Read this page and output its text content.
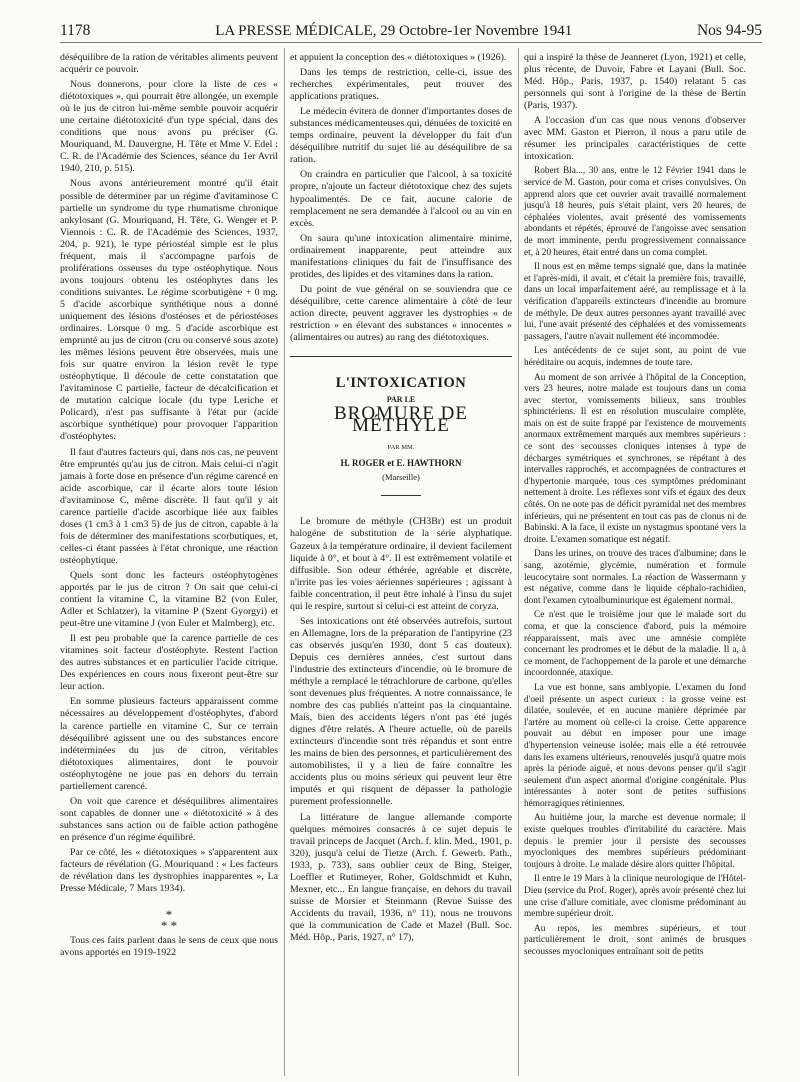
1178	LA PRESSE MÉDICALE, 29 Octobre-1er Novembre 1941	Nos 94-95

déséquilibre de la ration de véritables aliments peuvent acquérir ce pouvoir.

Nous donnerons, pour clore la liste de ces « diétotoxiques », qui pourrait être allongée, un exemple où le jus de citron lui-même semble pouvoir acquérir une certaine diétotoxicité d'un type spécial, dans des conditions que nous avons pu préciser (G. Mouriquand, M. Dauvergne, H. Tête et Mme V. Edel : C. R. de l'Académie des Sciences, séance du 1er Avril 1940, 210, p. 515).

Nous avons antérieurement montré qu'il était possible de déterminer par un régime d'avitaminose C partielle un syndrome du type rhumatisme chronique ankylosant (G. Mouriquand, H. Tête, G. Wenger et P. Viennois : C. R. de l'Académie des Sciences, 1937, 204, p. 921), le type périostéal simple est le plus fréquent, mais il s'accompagne parfois de proliférations osseuses du type ostéophytique. Nous avons toujours obtenu les ostéophytes dans les conditions suivantes. Le régime scorbutigène + 0 mg. 5 d'acide ascorbique synthétique nous a donné uniquement des lésions d'ostéoses et de périostéoses ordinaires. Lorsque 0 mg. 5 d'acide ascorbique est emprunté au jus de citron (cru ou conservé sous azote) les mêmes lésions peuvent être observées, mais une fois sur quatre environ la lésion revêt le type ostéophytique. Il découle de cette constatation que l'avitaminose C partielle, facteur de décalcification et de mutation calcique locale (du type Leriche et Policard), n'est pas suffisante à l'état pur (acide ascorbique synthétique) pour provoquer l'apparition d'ostéophytes.

Il faut d'autres facteurs qui, dans nos cas, ne peuvent être empruntés qu'au jus de citron. Mais celui-ci n'agit jamais à forte dose en présence d'un régime carencé en acide ascorbique, car il écarte alors toute lésion d'avitaminose C, même discrète. Il faut qu'il y ait carence partielle d'acide ascorbique liée aux faibles doses (1 cm3 à 1 cm3 5) de jus de citron, capable à la fois de déterminer des manifestations scorbutiques, et, celles-ci étant passées à l'état chronique, une réaction ostéophytique.

Quels sont donc les facteurs ostéophytogènes apportés par le jus de citron ? On sait que celui-ci contient la vitamine C, la vitamine B2 (von Euler, Adler et Schlatzer), la vitamine P (Szent Gyorgyi) et peut-être une vitamine J (von Euler et Malmberg), etc.

Il est peu probable que la carence partielle de ces vitamines soit facteur d'ostéophyte. Restent l'action des autres substances et en particulier l'acide citrique. Des expériences en cours nous fixeront peut-être sur leur action.

En somme plusieurs facteurs apparaissent comme nécessaires au développement d'ostéophytes, d'abord la carence partielle en vitamine C. Sur ce terrain déséquilibré agissent une ou des substances encore indéterminées du jus de citron, véritables diétotoxiques alimentaires, dont le pouvoir ostéophytogène ne joue pas en dehors du terrain partiellement carencé.

On voit que carence et déséquilibres alimentaires sont capables de donner une « diétotoxicité » à des substances sans action ou de faible action pathogène en présence d'un régime équilibré.

Par ce côté, les « diétotoxiques » s'apparentent aux facteurs de révélation (G. Mouriquand : « Les facteurs de révélation dans les dystrophies inapparentes », La Presse Médicale, 7 Mars 1934).

*
* *

Tous ces faits parlent dans le sens de ceux que nous avons apportés en 1919-1922

et appuient la conception des « diétotoxiques » (1926).

Dans les temps de restriction, celle-ci, issue des recherches expérimentales, peut trouver des applications pratiques.

Le médecin évitera de donner d'importantes doses de substances médicamenteuses qui, dénuées de toxicité en temps ordinaire, peuvent la développer du fait d'un déséquilibre nutritif du sujet lié au déséquilibre de sa ration.

On craindra en particulier que l'alcool, à sa toxicité propre, n'ajoute un facteur diétotoxique chez des sujets hypoalimentés. De ce fait, aucune calorie de remplacement ne sera demandée à l'alcool ou au vin en excès.

On saura qu'une intoxication alimentaire minime, ordinairement inapparente, peut atteindre aux manifestations cliniques du fait de l'insuffisance des protides, des lipides et des vitamines dans la ration.

Du point de vue général on se souviendra que ce déséquilibre, cette carence alimentaire à côté de leur action directe, peuvent aggraver les dystrophies « de restriction » en élevant des substances « innocentes » (alimentaires ou autres) au rang des diétotoxiques.

L'INTOXICATION
PAR LE
BROMURE DE MÉTHYLE
PAR MM.
H. ROGER et E. HAWTHORN
(Marseille)

Le bromure de méthyle (CH3Br) est un produit halogéne de substitution de la série alyphatique. Gazeux à la température ordinaire, il devient facilement liquide à 0°, et bout à 4°. Il est extrêmement volatile et diffusible. Son odeur éthérée, agréable et discrète, n'irrite pas les voies aériennes supérieures ; agissant à faible concentration, il peut être inhalé à l'insu du sujet qui le respire, surtout si celui-ci est atteint de coryza.

Ses intoxications ont été observées autrefois, surtout en Allemagne, lors de la préparation de l'antipyrine (23 cas observés jusqu'en 1930, dont 5 cas douteux). Depuis ces dernières années, c'est surtout dans l'industrie des extincteurs d'incendie, où le bromure de méthyle a remplacé le tétrachlorure de carbone, qu'elles sont devenues plus fréquentes. A notre connaissance, le nombre des cas publiés n'atteint pas la cinquantaine. Mais, bien des accidents légers n'ont pas été jugés dignes d'être relatés. A l'heure actuelle, où de pareils extincteurs d'incendie sont très répandus et sont entre les mains de bien des personnes, et particulièrement des automobilistes, il y a lieu de faire connaître les accidents plus ou moins sérieux qui peuvent leur être imputés et qui risquent de dépasser la pathologie purement professionnelle.

La littérature de langue allemande comporte quelques mémoires consacrés à ce sujet depuis le travail princeps de Jacquet (Arch. f. klin. Med., 1901, p. 320), jusqu'à celui de Tietze (Arch. f. Gewerb. Path., 1933, p. 733), sans oublier ceux de Bing, Steiger, Loeffler et Rutimeyer, Roher, Goldschmidt et Kuhn, Mexner, etc... En langue française, en dehors du travail suisse de Morsier et Steinmann (Revue Suisse des Accidents du travail, 1936, n° 11), nous ne trouvons que la communication de Cade et Mazel (Bull. Soc. Méd. Hôp., Paris, 1927, n° 17),

qui a inspiré la thèse de Jeanneret (Lyon, 1921) et celle, plus récente, de Duvoir, Fabre et Layani (Bull. Soc. Méd. Hôp., Paris, 1937, p. 1540) relatant 5 cas personnels qui sont à l'origine de la thèse de Bertin (Paris, 1937).

A l'occasion d'un cas que nous venons d'observer avec MM. Gaston et Pierron, il nous a paru utile de résumer les principales caractéristiques de cette intoxication.

Robert Bla..., 30 ans, entre le 12 Février 1941 dans le service de M. Gaston, pour coma et crises convulsives. On apprend alors que cet ouvrier avait travaillé normalement jusqu'à 18 heures, puis s'était plaint, vers 20 heures, de céphalées violentes, avait présenté des vomissements abondants et répétés, éprouvé de l'angoisse avec sensation de mort imminente, perdu progressivement connaissance et, à 20 heures, était entré dans un coma complet.

Il nous est en même temps signalé que, dans la matinée et l'après-midi, il avait, et c'était la première fois, travaillé, dans un local imparfaitement aéré, au remplissage et à la vérification d'appareils extincteurs d'incendie au bromure de méthyle. De deux autres personnes ayant travaillé avec lui, l'une avait présenté des céphalées et des vomissements passagers, l'autre n'avait nullement été incommodée.

Les antécédents de ce sujet sont, au point de vue héréditaire ou acquis, indemnes de toute tare.

Au moment de son arrivée à l'hôpital de la Conception, vers 23 heures, notre malade est toujours dans un coma avec stertor, vomissements bilieux, sans troubles sphinctériens. Il est en résolution musculaire complète, mais on est de suite frappé par l'existence de mouvements anormaux extrêmement marqués aux membres supérieurs : ce sont des secousses cloniques intenses à type de décharges symétriques et synchrones, se répétant à des intervalles rapprochés, et accompagnées de contractures et d'hypertonie marquée, tous ces symptômes prédominant nettement à droite. Les réflexes sont vifs et égaux des deux côtés. On ne note pas de déficit pyramidal net des membres inférieurs, qui ne présentent en tout cas pas de clonus ni de Babinski. A la face, il existe un nystagmus spontané vers la droite. L'examen somatique est négatif.

Dans les urines, on trouve des traces d'albumine; dans le sang, azotémie, glycémie, numération et formule leucocytaire sont normales. La réaction de Wassermann y est négative, comme dans le liquide céphalo-rachidien, dont l'examen cytoalbuminurique est également normal.

Ce n'est que le troisième jour que le malade sort du coma, et que la conscience d'abord, puis la mémoire réapparaissent, mais avec une amnésie complète concernant les prodromes et le début de la maladie. Il a, à ce moment, de l'achoppement de la parole et une démarche incoordonnée, ataxique.

La vue est bonne, sans amblyopie. L'examen du fond d'oeil présente un aspect curieux : la grosse veine est dilatée, soulevée, et en aucune manière déprimée par l'artère au moment où celle-ci la croise. Cette apparence pouvait au début en imposer pour une image d'hypertension veineuse isolée; mais elle a été retrouvée dans les examens ultérieurs, renouvelés jusqu'à quatre mois après la période aiguë, et nous devons penser qu'il s'agit seulement d'un aspect anormal d'origine congénitale. Plus intéressantes à noter sont de petites suffusions hémorragiques rétiniennes.

Au huitième jour, la marche est devenue normale; il existe quelques troubles d'irritabilité du caractère. Mais depuis le premier jour il persiste des secousses myocloniques des membres supérieurs prédominant toujours à droite. Le malade désire alors quitter l'hôpital.

Il entre le 19 Mars à la clinique neurologique de l'Hôtel-Dieu (service du Prof. Roger), après avoir présenté chez lui une crise d'allure comitiale, avec clonisme prédominant au membre supérieur droit.

Au repos, les membres supérieurs, et tout particulièrement le droit, sont animés de brusques secousses myocloniques entraînant soit de petits
